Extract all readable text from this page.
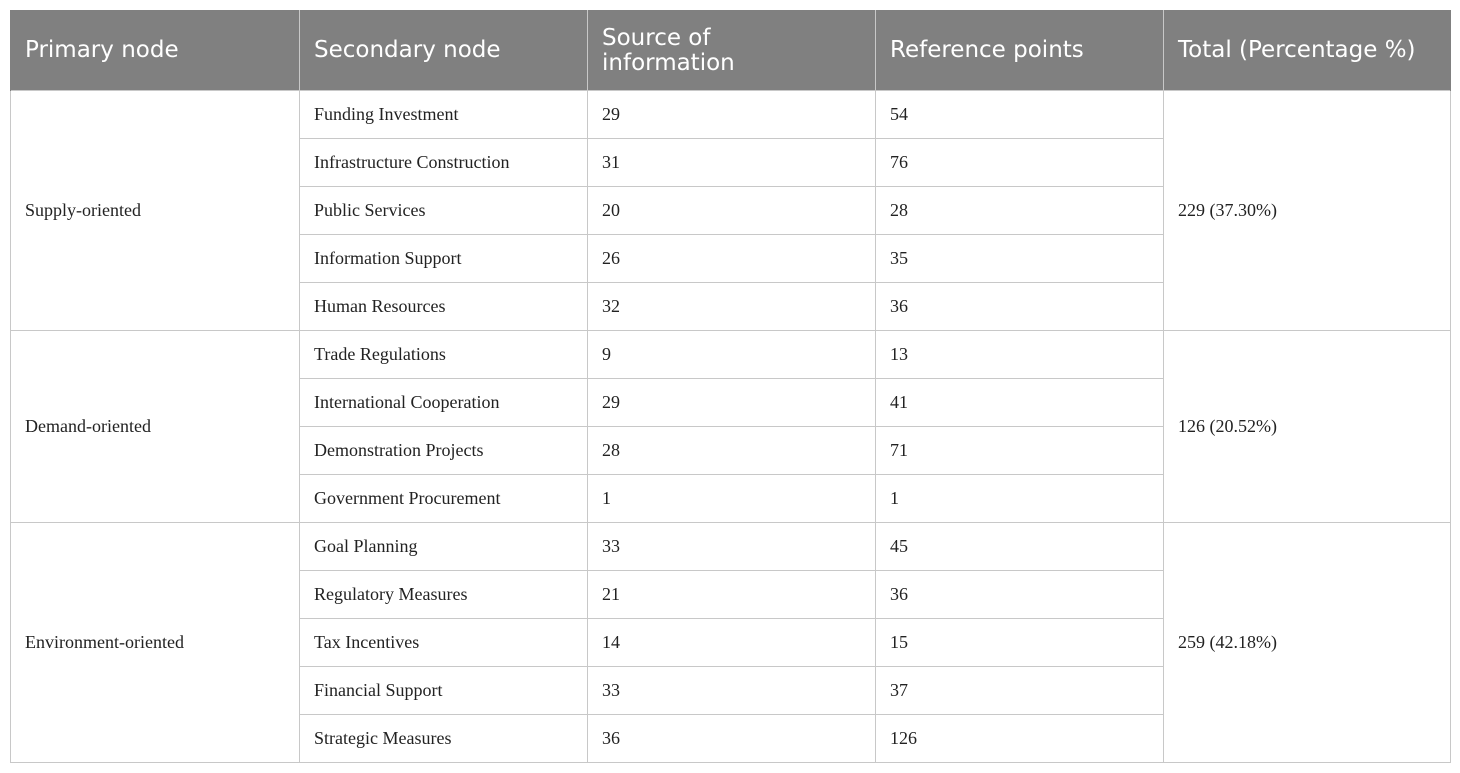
Primary node	Secondary node	Source of information	Reference points	Total (Percentage %)
Supply-oriented	Funding Investment	29	54	229 (37.30%)
	Infrastructure Construction	31	76	
	Public Services	20	28	
	Information Support	26	35	
	Human Resources	32	36	
Demand-oriented	Trade Regulations	9	13	126 (20.52%)
	International Cooperation	29	41	
	Demonstration Projects	28	71	
	Government Procurement	1	1	
Environment-oriented	Goal Planning	33	45	259 (42.18%)
	Regulatory Measures	21	36	
	Tax Incentives	14	15	
	Financial Support	33	37	
	Strategic Measures	36	126	
